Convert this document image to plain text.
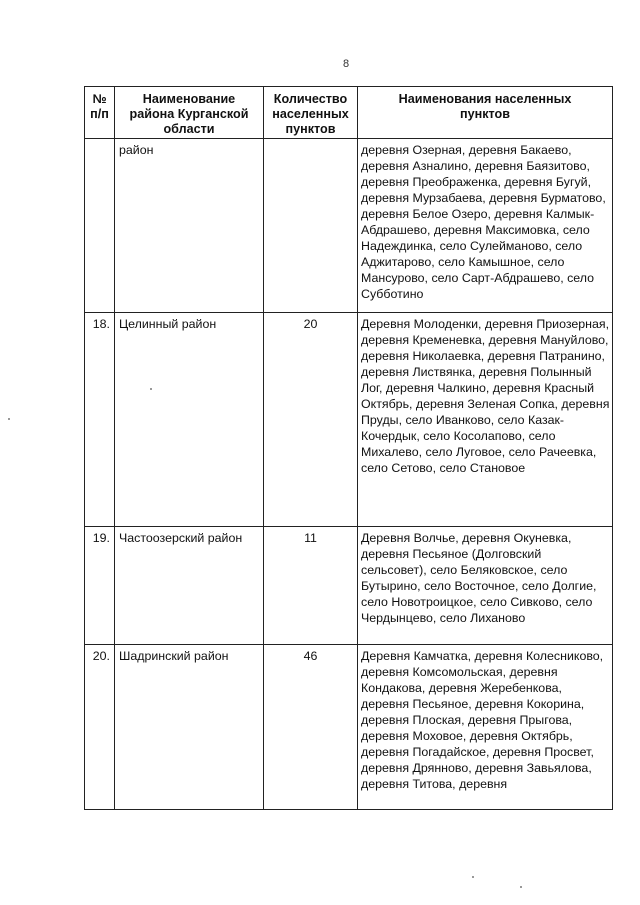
8
№ п/п	Наименование района Курганской области	Количество населенных пунктов	Наименования населенных пунктов
	район		деревня Озерная, деревня Бакаево, деревня Азналино, деревня Баязитово, деревня Преображенка, деревня Бугуй, деревня Мурзабаева, деревня Бурматово, деревня Белое Озеро, деревня Калмык-Абдрашево, деревня Максимовка, село Надеждинка, село Сулейманово, село Аджитарово, село Камышное, село Мансурово, село Сарт-Абдрашево, село Субботино
18.	Целинный район	20	Деревня Молоденки, деревня Приозерная, деревня Кременевка, деревня Мануйлово, деревня Николаевка, деревня Патранино, деревня Листвянка, деревня Полынный Лог, деревня Чалкино, деревня Красный Октябрь, деревня Зеленая Сопка, деревня Пруды, село Иванково, село Казак-Кочердык, село Косолапово, село Михалево, село Луговое, село Рачеевка, село Сетово, село Становое
19.	Частоозерский район	11	Деревня Волчье, деревня Окуневка, деревня Песьяное (Долговский сельсовет), село Беляковское, село Бутырино, село Восточное, село Долгие, село Новотроицкое, село Сивково, село Чердынцево, село Лиханово
20.	Шадринский район	46	Деревня Камчатка, деревня Колесниково, деревня Комсомольская, деревня Кондакова, деревня Жеребенкова, деревня Песьяное, деревня Кокорина, деревня Плоская, деревня Прыгова, деревня Моховое, деревня Октябрь, деревня Погадайское, деревня Просвет, деревня Дрянново, деревня Завьялова, деревня Титова, деревня
